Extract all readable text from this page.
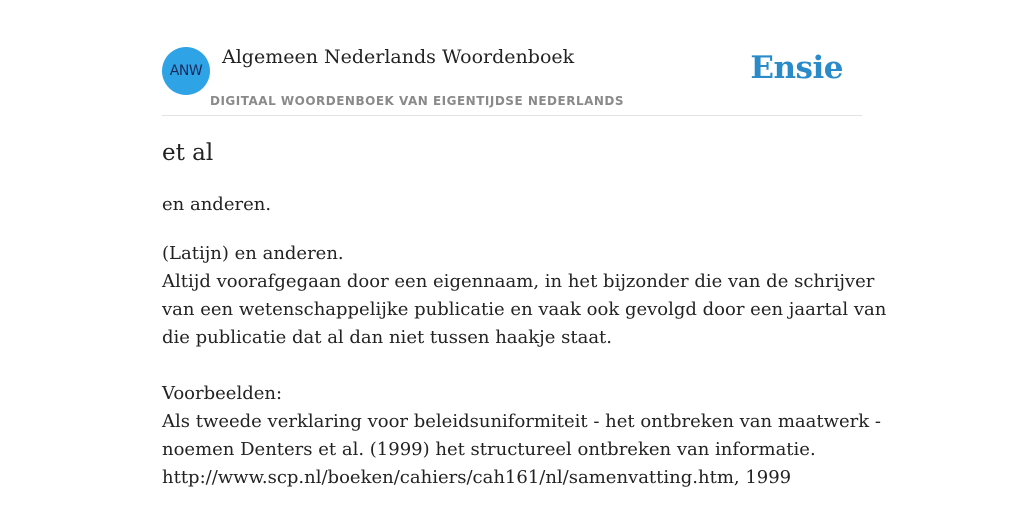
ANW
Algemeen Nederlands Woordenboek
DIGITAAL WOORDENBOEK VAN EIGENTIJDSE NEDERLANDS
Ensie
et al
en anderen.
(Latijn) en anderen.
Altijd voorafgegaan door een eigennaam, in het bijzonder die van de schrijver
van een wetenschappelijke publicatie en vaak ook gevolgd door een jaartal van
die publicatie dat al dan niet tussen haakje staat.
Voorbeelden:
Als tweede verklaring voor beleidsuniformiteit - het ontbreken van maatwerk -
noemen Denters et al. (1999) het structureel ontbreken van informatie.
http://www.scp.nl/boeken/cahiers/cah161/nl/samenvatting.htm, 1999
